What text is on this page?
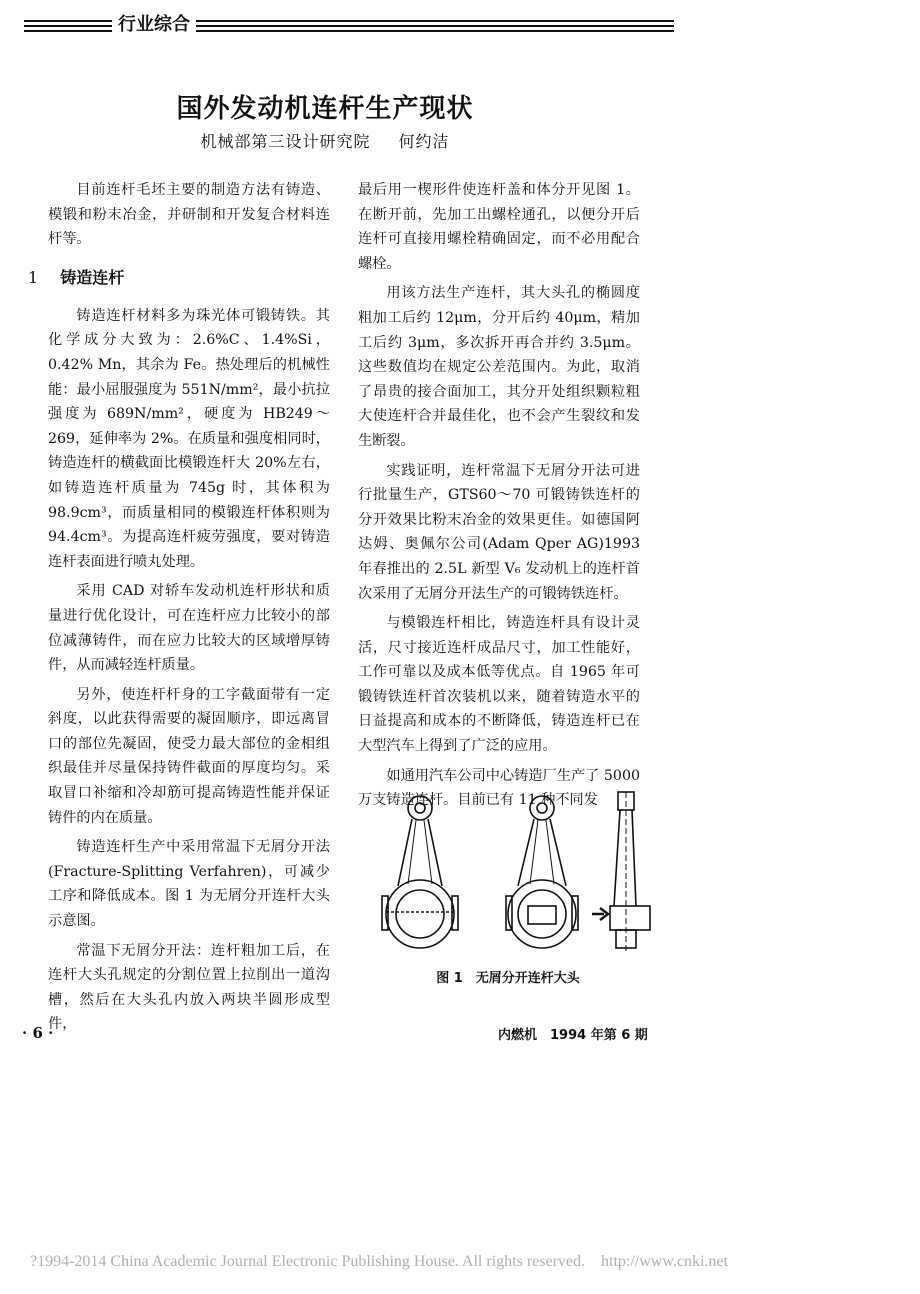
行业综合
国外发动机连杆生产现状
机械部第三设计研究院 何约洁

目前连杆毛坯主要的制造方法有铸造、模锻和粉末冶金，并研制和开发复合材料连杆等。

1 铸造连杆

铸造连杆材料多为珠光体可锻铸铁。其化学成分大致为：2.6%C、1.4%Si，0.42% Mn，其余为 Fe。热处理后的机械性能：最小屈服强度为 551N/mm²，最小抗拉强度为 689N/mm²，硬度为 HB249～269，延伸率为 2%。在质量和强度相同时，铸造连杆的横截面比模锻连杆大 20%左右，如铸造连杆质量为 745g 时，其体积为 98.9cm³，而质量相同的模锻连杆体积则为 94.4cm³。为提高连杆疲劳强度，要对铸造连杆表面进行喷丸处理。

采用 CAD 对轿车发动机连杆形状和质量进行优化设计，可在连杆应力比较小的部位减薄铸件，而在应力比较大的区域增厚铸件，从而减轻连杆质量。

另外，使连杆杆身的工字截面带有一定斜度，以此获得需要的凝固顺序，即远离冒口的部位先凝固，使受力最大部位的金相组织最佳并尽量保持铸件截面的厚度均匀。采取冒口补缩和冷却筋可提高铸造性能并保证铸件的内在质量。

铸造连杆生产中采用常温下无屑分开法 (Fracture-Splitting Verfahren)，可减少工序和降低成本。图 1 为无屑分开连杆大头示意图。

常温下无屑分开法：连杆粗加工后，在连杆大头孔规定的分割位置上拉削出一道沟槽，然后在大头孔内放入两块半圆形成型件，

最后用一楔形件使连杆盖和体分开见图 1。在断开前，先加工出螺栓通孔，以便分开后连杆可直接用螺栓精确固定，而不必用配合螺栓。

用该方法生产连杆，其大头孔的椭圆度粗加工后约 12μm，分开后约 40μm，精加工后约 3μm，多次拆开再合并约 3.5μm。这些数值均在规定公差范围内。为此，取消了昂贵的接合面加工，其分开处组织颗粒粗大使连杆合并最佳化，也不会产生裂纹和发生断裂。

实践证明，连杆常温下无屑分开法可进行批量生产，GTS60～70 可锻铸铁连杆的分开效果比粉末冶金的效果更佳。如德国阿达姆、奥佩尔公司(Adam Qper AG)1993 年春推出的 2.5L 新型 V₆ 发动机上的连杆首次采用了无屑分开法生产的可锻铸铁连杆。

与模锻连杆相比，铸造连杆具有设计灵活，尺寸接近连杆成品尺寸，加工性能好，工作可靠以及成本低等优点。自 1965 年可锻铸铁连杆首次装机以来，随着铸造水平的日益提高和成本的不断降低，铸造连杆已在大型汽车上得到了广泛的应用。

如通用汽车公司中心铸造厂生产了 5000 万支铸造连杆。目前已有 11 种不同发

图 1　无屑分开连杆大头
· 6 ·	内燃机　1994 年第 6 期
?1994-2014 China Academic Journal Electronic Publishing House. All rights reserved.　http://www.cnki.net
